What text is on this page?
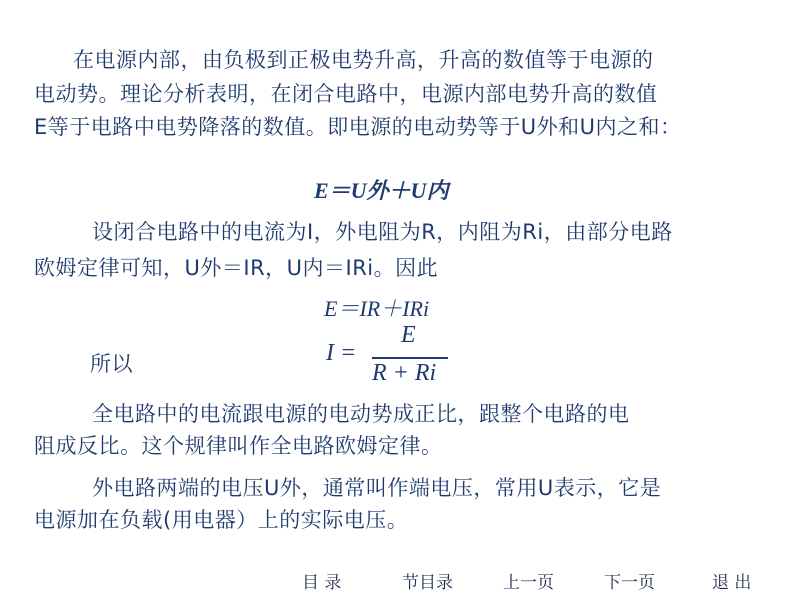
在电源内部，由负极到正极电势升高，升高的数值等于电源的
电动势。理论分析表明，在闭合电路中，电源内部电势升高的数值
E等于电路中电势降落的数值。即电源的电动势等于U外和U内之和：
E＝U外＋U内
设闭合电路中的电流为I，外电阻为R，内阻为Ri，由部分电路
欧姆定律可知，U外＝IR，U内＝IRi。因此
E＝IR＋IRi
所以	I =
E
R + Ri
全电路中的电流跟电源的电动势成正比，跟整个电路的电
阻成反比。这个规律叫作全电路欧姆定律。
外电路两端的电压U外，通常叫作端电压，常用U表示，它是
电源加在负载(用电器）上的实际电压。
目 录	节目录	上一页	下一页	退 出
